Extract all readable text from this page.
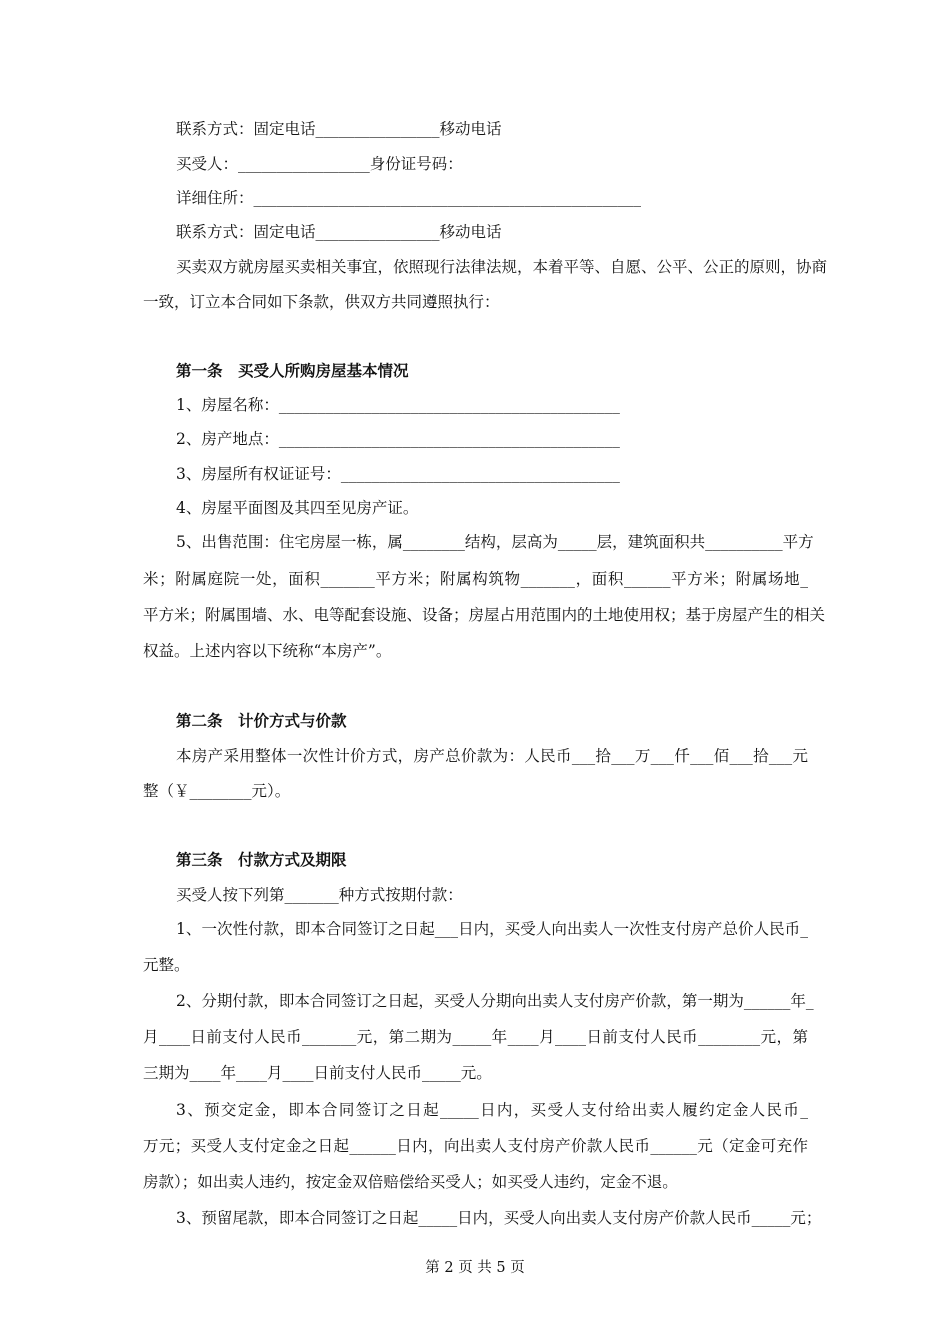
联系方式：固定电话________________移动电话
买受人：_________________身份证号码：
详细住所：__________________________________________________
联系方式：固定电话________________移动电话
买卖双方就房屋买卖相关事宜，依照现行法律法规，本着平等、自愿、公平、公正的原则，协商
一致，订立本合同如下条款，供双方共同遵照执行：
第一条　买受人所购房屋基本情况
1、房屋名称：____________________________________________
2、房产地点：____________________________________________
3、房屋所有权证证号：____________________________________
4、房屋平面图及其四至见房产证。
5、出售范围：住宅房屋一栋，属________结构，层高为_____层，建筑面积共__________平方
米；附属庭院一处，面积_______平方米；附属构筑物_______，面积______平方米；附属场地_
平方米；附属围墙、水、电等配套设施、设备；房屋占用范围内的土地使用权；基于房屋产生的相关
权益。上述内容以下统称“本房产”。
第二条　计价方式与价款
本房产采用整体一次性计价方式，房产总价款为：人民币___拾___万___仟___佰___拾___元
整（￥________元）。
第三条　付款方式及期限
买受人按下列第_______种方式按期付款：
1、一次性付款，即本合同签订之日起___日内，买受人向出卖人一次性支付房产总价人民币_
元整。
2、分期付款，即本合同签订之日起，买受人分期向出卖人支付房产价款，第一期为______年_
月____日前支付人民币_______元，第二期为_____年____月____日前支付人民币________元，第
三期为____年____月____日前支付人民币_____元。
3、预交定金，即本合同签订之日起_____日内，买受人支付给出卖人履约定金人民币_
万元；买受人支付定金之日起______日内，向出卖人支付房产价款人民币______元（定金可充作
房款）；如出卖人违约，按定金双倍赔偿给买受人；如买受人违约，定金不退。
3、预留尾款，即本合同签订之日起_____日内，买受人向出卖人支付房产价款人民币_____元；
第 2 页 共 5 页
